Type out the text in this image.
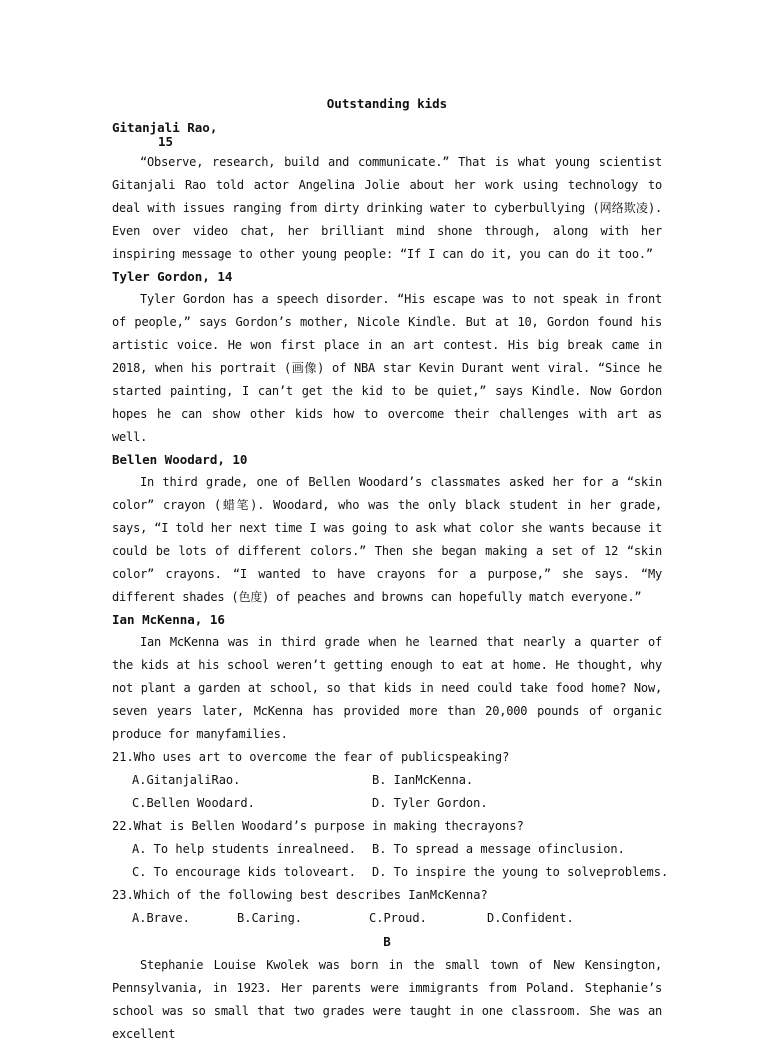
Outstanding kids

Gitanjali Rao,

15

“Observe, research, build and communicate.” That is what young scientist Gitanjali Rao told actor Angelina Jolie about her work using technology to deal with issues ranging from dirty drinking water to cyberbullying (网络欺凌). Even over video chat, her brilliant mind shone through, along with her inspiring message to other young people: “If I can do it, you can do it too.”

Tyler Gordon, 14

Tyler Gordon has a speech disorder. “His escape was to not speak in front of people,” says Gordon’s mother, Nicole Kindle. But at 10, Gordon found his artistic voice. He won first place in an art contest. His big break came in 2018, when his portrait (画像) of NBA star Kevin Durant went viral. “Since he started painting, I can’t get the kid to be quiet,” says Kindle. Now Gordon hopes he can show other kids how to overcome their challenges with art as well.

Bellen Woodard, 10

In third grade, one of Bellen Woodard’s classmates asked her for a “skin color” crayon (蜡笔). Woodard, who was the only black student in her grade, says, “I told her next time I was going to ask what color she wants because it could be lots of different colors.” Then she began making a set of 12 “skin color” crayons. “I wanted to have crayons for a purpose,” she says. “My different shades (色度) of peaches and browns can hopefully match everyone.”

Ian McKenna, 16

Ian McKenna was in third grade when he learned that nearly a quarter of the kids at his school weren’t getting enough to eat at home. He thought, why not plant a garden at school, so that kids in need could take food home? Now, seven years later, McKenna has provided more than 20,000 pounds of organic produce for manyfamilies.

21.Who uses art to overcome the fear of publicspeaking?

A.GitanjaliRao.	B. IanMcKenna.
C.Bellen Woodard.	D. Tyler Gordon.

22.What is Bellen Woodard’s purpose in making thecrayons?

A. To help students inrealneed.	B. To spread a message ofinclusion.
C. To encourage kids toloveart.	D. To inspire the young to solveproblems.

23.Which of the following best describes IanMcKenna?

A.Brave.	B.Caring.	C.Proud.	D.Confident.

B

Stephanie Louise Kwolek was born in the small town of New Kensington, Pennsylvania, in 1923. Her parents were immigrants from Poland. Stephanie’s school was so small that two grades were taught in one classroom. She was an excellent
